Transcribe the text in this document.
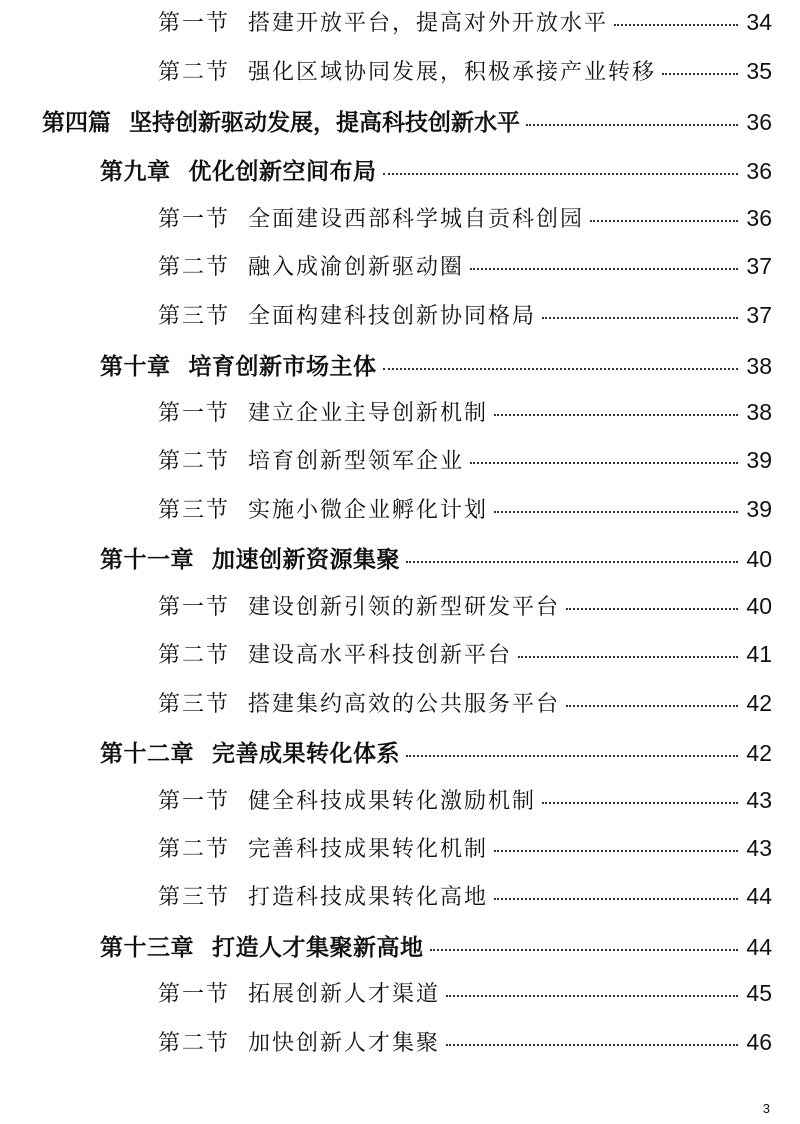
第一节 搭建开放平台，提高对外开放水平	34
第二节 强化区域协同发展，积极承接产业转移	35
第四篇 坚持创新驱动发展，提高科技创新水平	36
第九章 优化创新空间布局	36
第一节 全面建设西部科学城自贡科创园	36
第二节 融入成渝创新驱动圈	37
第三节 全面构建科技创新协同格局	37
第十章 培育创新市场主体	38
第一节 建立企业主导创新机制	38
第二节 培育创新型领军企业	39
第三节 实施小微企业孵化计划	39
第十一章 加速创新资源集聚	40
第一节 建设创新引领的新型研发平台	40
第二节 建设高水平科技创新平台	41
第三节 搭建集约高效的公共服务平台	42
第十二章 完善成果转化体系	42
第一节 健全科技成果转化激励机制	43
第二节 完善科技成果转化机制	43
第三节 打造科技成果转化高地	44
第十三章 打造人才集聚新高地	44
第一节 拓展创新人才渠道	45
第二节 加快创新人才集聚	46
3
